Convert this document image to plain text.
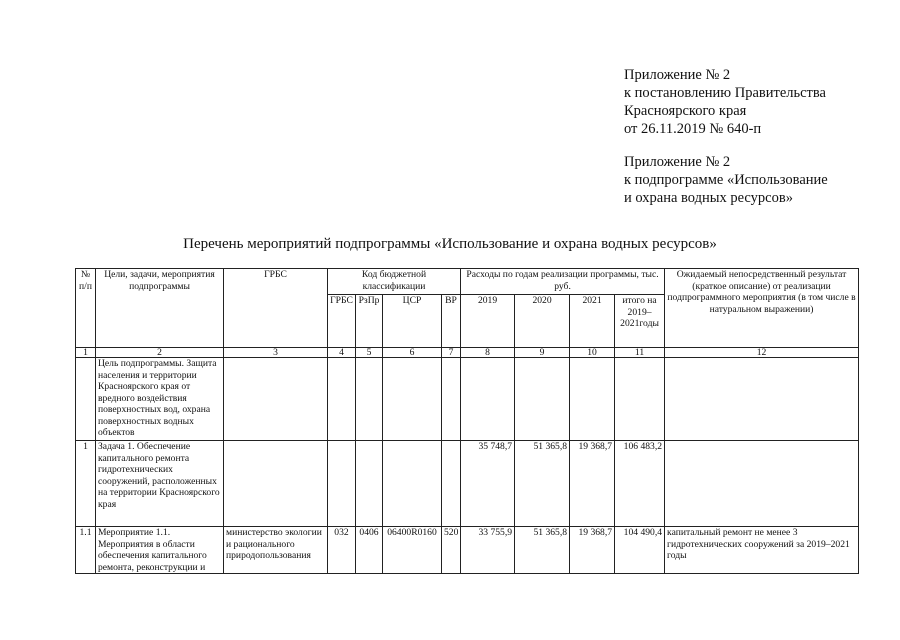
Приложение № 2
к постановлению Правительства
Красноярского края
от 26.11.2019 № 640-п
Приложение № 2
к подпрограмме «Использование
и охрана водных ресурсов»
Перечень мероприятий подпрограммы «Использование и охрана водных ресурсов»
№ п/п	Цели, задачи, мероприятия подпрограммы	ГРБС	Код бюджетной классификации				Расходы по годам реализации программы, тыс. руб.				Ожидаемый непосредственный результат (краткое описание) от реализации подпрограммного мероприятия (в том числе в натуральном выражении)
			ГРБС	РзПр	ЦСР	ВР	2019	2020	2021	итого на 2019–2021годы	
1	2	3	4	5	6	7	8	9	10	11	12
	Цель подпрограммы. Защита населения и территории Красноярского края от вредного воздействия поверхностных вод, охрана поверхностных водных объектов										
1	Задача 1. Обеспечение капитального ремонта гидротехнических сооружений, расположенных на территории Красноярского края						35 748,7	51 365,8	19 368,7	106 483,2	
1.1	Мероприятие 1.1. Мероприятия в области обеспечения капитального ремонта, реконструкции и	министерство экологии и рационального природопользования	032	0406	06400R0160	520	33 755,9	51 365,8	19 368,7	104 490,4	капитальный ремонт не менее 3 гидротехнических сооружений за 2019–2021 годы
